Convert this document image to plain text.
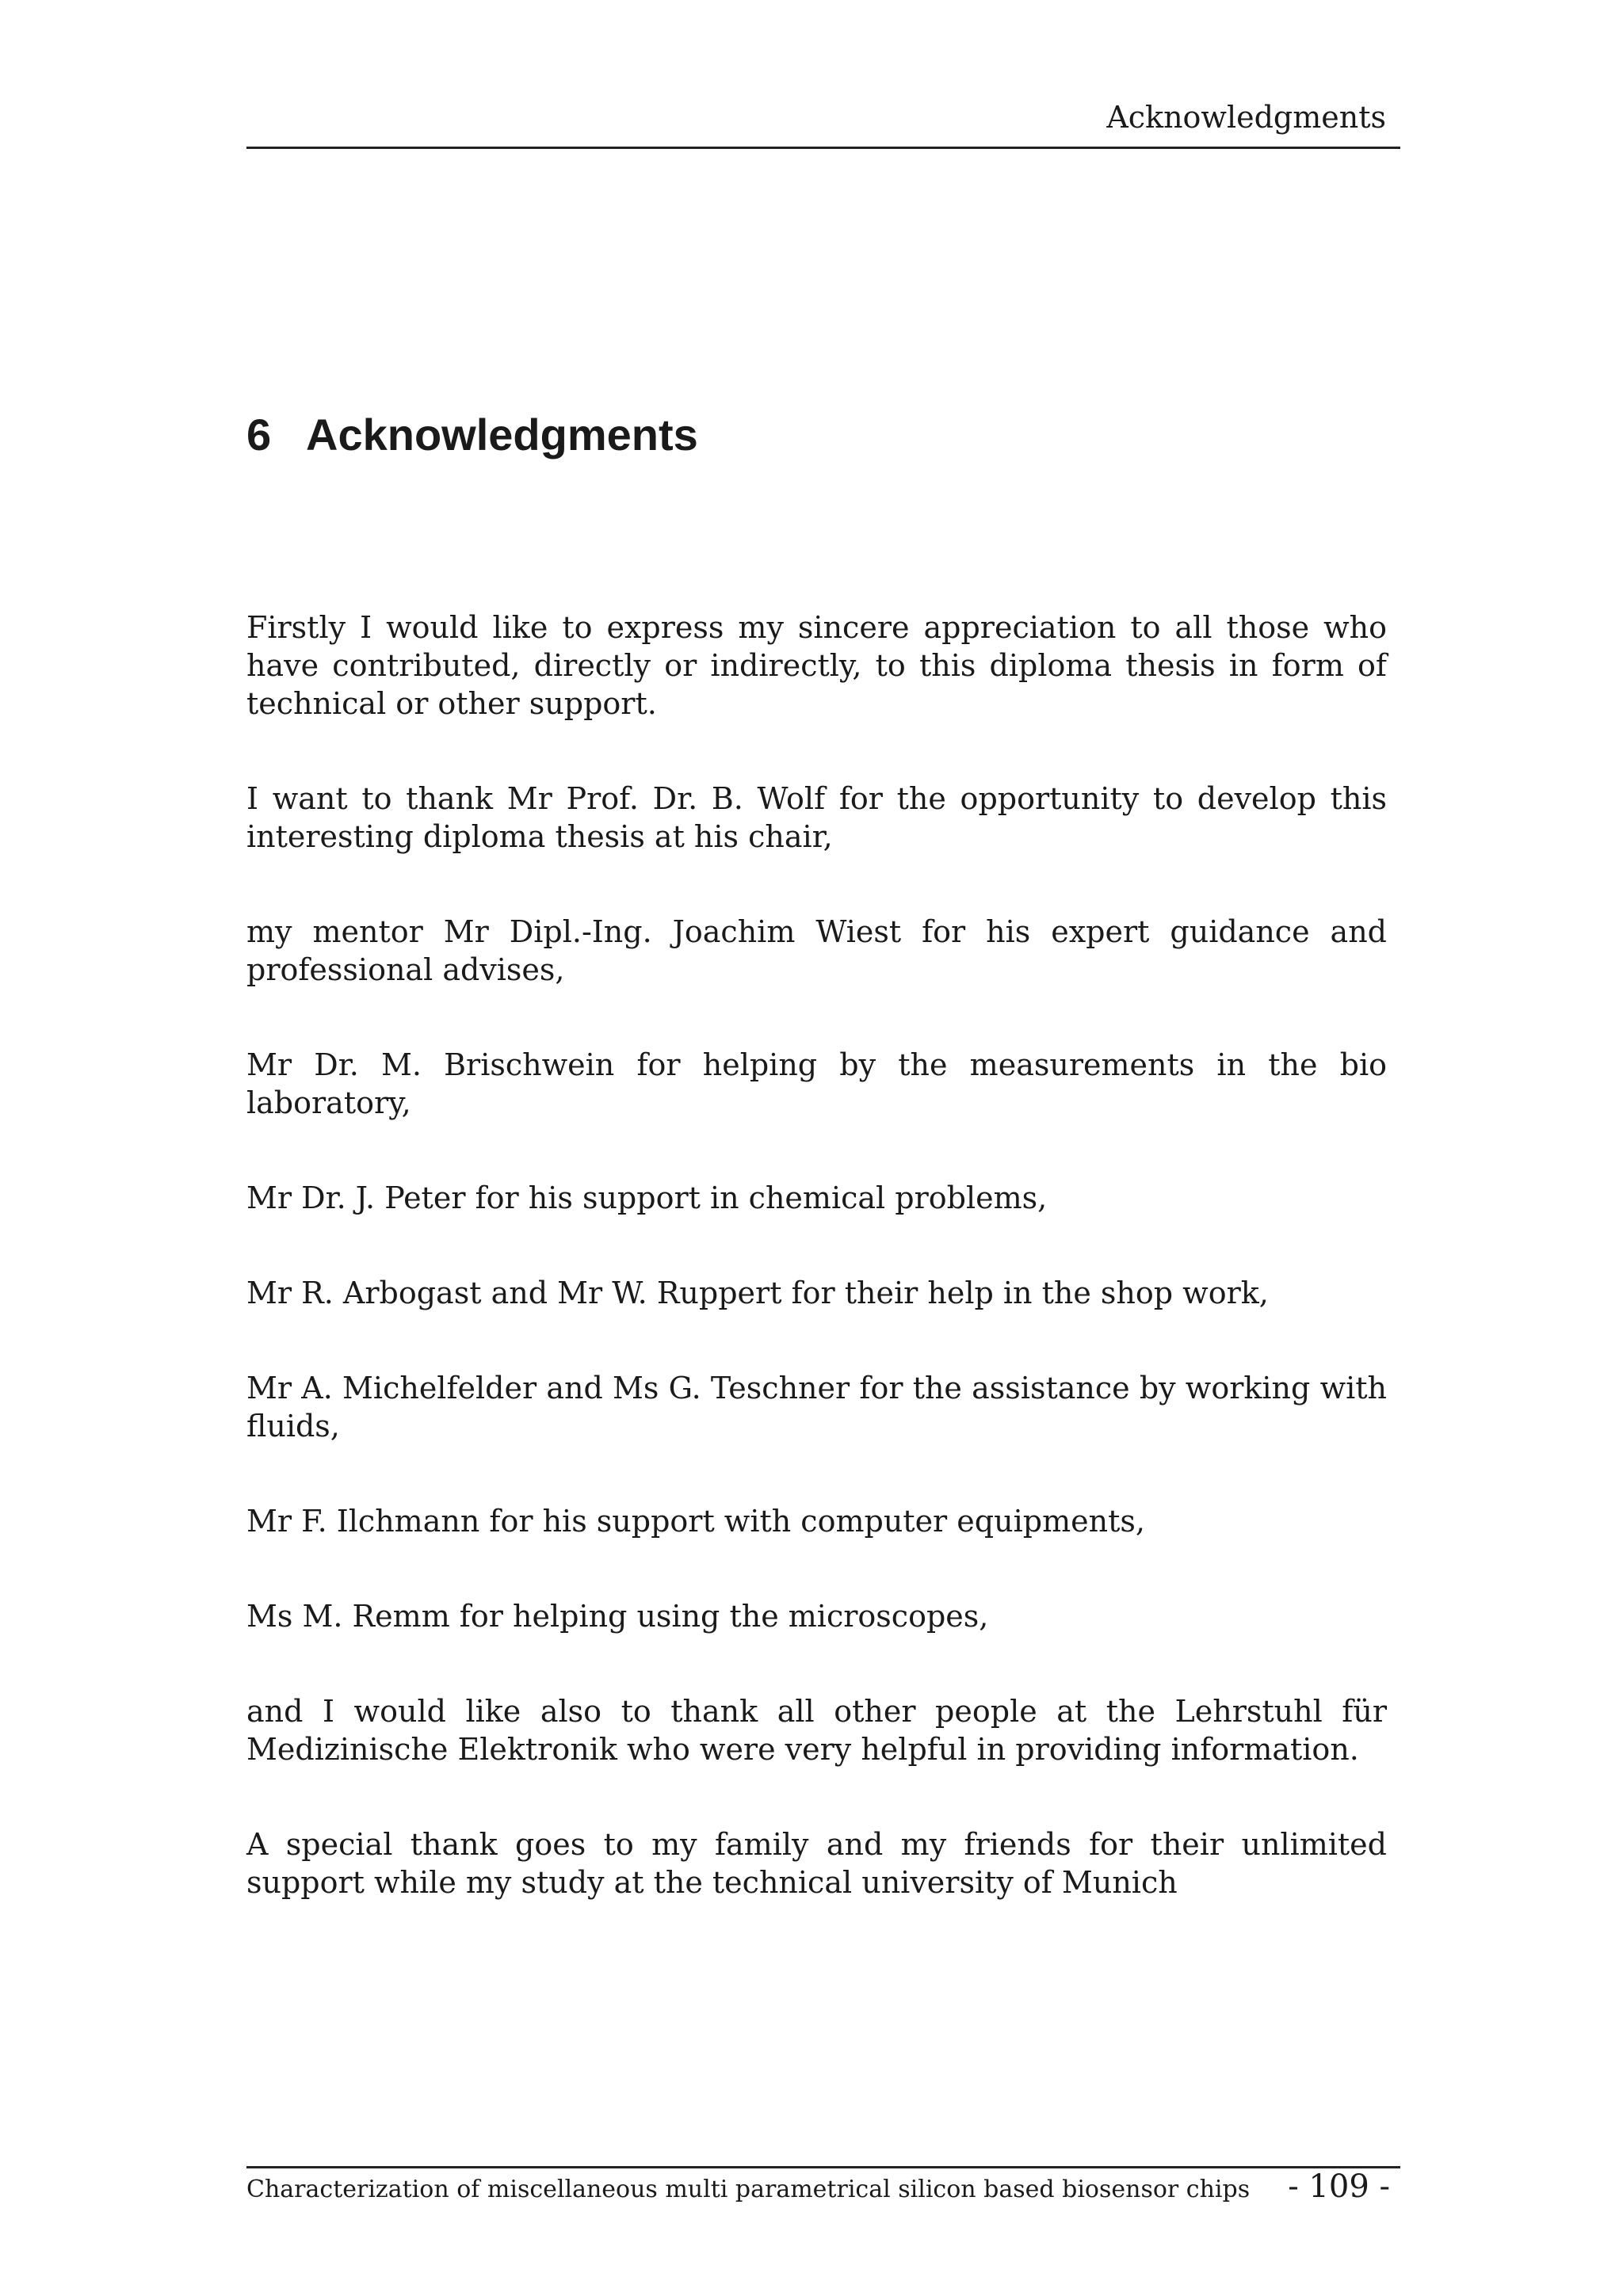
Acknowledgments
6 Acknowledgments

Firstly I would like to express my sincere appreciation to all those who have contributed, directly or indirectly, to this diploma thesis in form of technical or other support.

I want to thank Mr Prof. Dr. B. Wolf for the opportunity to develop this interesting diploma thesis at his chair,

my mentor Mr Dipl.-Ing. Joachim Wiest for his expert guidance and professional advises,

Mr Dr. M. Brischwein for helping by the measurements in the bio laboratory,

Mr Dr. J. Peter for his support in chemical problems,

Mr R. Arbogast and Mr W. Ruppert for their help in the shop work,

Mr A. Michelfelder and Ms G. Teschner for the assistance by working with fluids,

Mr F. Ilchmann for his support with computer equipments,

Ms M. Remm for helping using the microscopes,

and I would like also to thank all other people at the Lehrstuhl für Medizinische Elektronik who were very helpful in providing information.

A special thank goes to my family and my friends for their unlimited support while my study at the technical university of Munich

Characterization of miscellaneous multi parametrical silicon based biosensor chips - 109 -
